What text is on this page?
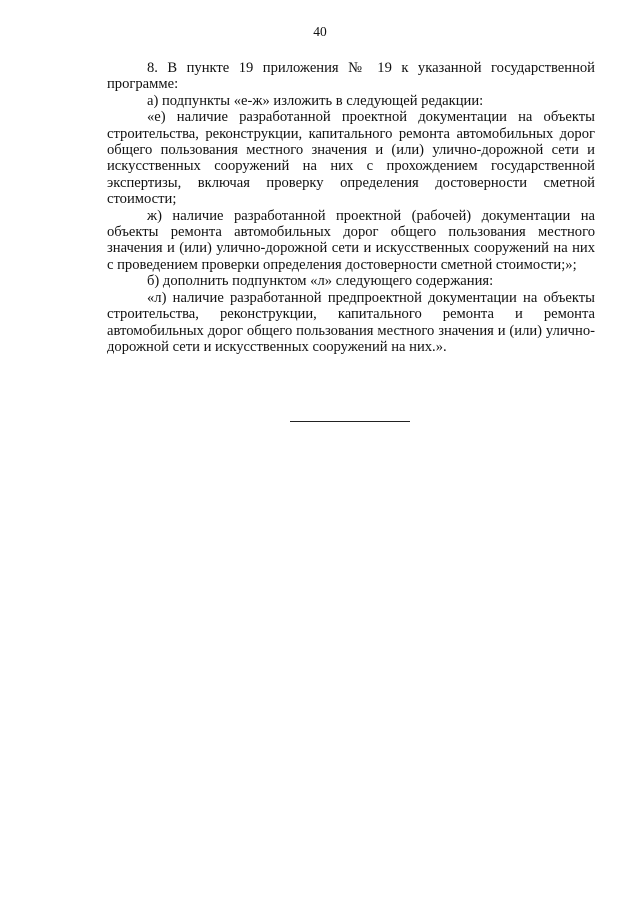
40

8. В пункте 19 приложения № 19 к указанной государственной программе:

а) подпункты «е-ж» изложить в следующей редакции:

«е) наличие разработанной проектной документации на объекты строительства, реконструкции, капитального ремонта автомобильных дорог общего пользования местного значения и (или) улично-дорожной сети и искусственных сооружений на них с прохождением государственной экспертизы, включая проверку определения достоверности сметной стоимости;

ж) наличие разработанной проектной (рабочей) документации на объекты ремонта автомобильных дорог общего пользования местного значения и (или) улично-дорожной сети и искусственных сооружений на них с проведением проверки определения достоверности сметной стоимости;»;

б) дополнить подпунктом «л» следующего содержания:

«л) наличие разработанной предпроектной документации на объекты строительства, реконструкции, капитального ремонта и ремонта автомобильных дорог общего пользования местного значения и (или) улично-дорожной сети и искусственных сооружений на них.».
